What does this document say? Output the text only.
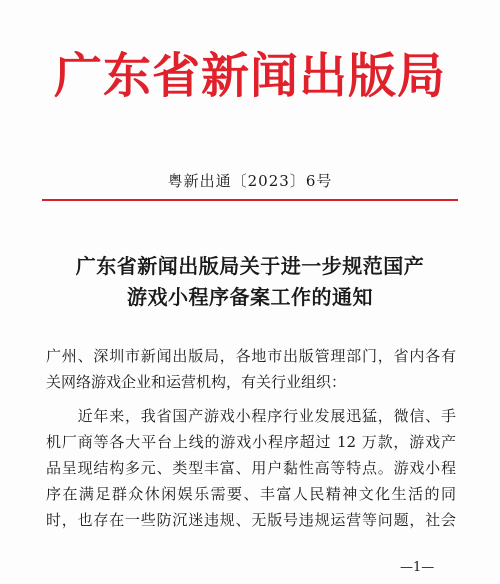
广东省新闻出版局
粤新出通〔2023〕6号
广东省新闻出版局关于进一步规范国产
游戏小程序备案工作的通知
广州、深圳市新闻出版局，各地市出版管理部门，省内各有
关网络游戏企业和运营机构，有关行业组织：
　　近年来，我省国产游戏小程序行业发展迅猛，微信、手
机厂商等各大平台上线的游戏小程序超过 12 万款，游戏产
品呈现结构多元、类型丰富、用户黏性高等特点。游戏小程
序在满足群众休闲娱乐需要、丰富人民精神文化生活的同
时，也存在一些防沉迷违规、无版号违规运营等问题，社会
—1—
